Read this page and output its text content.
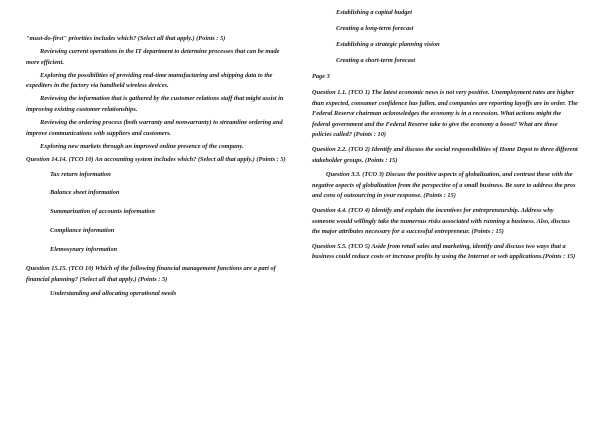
"must-do-first" priorities includes which? (Select all that apply.) (Points : 5)

Reviewing current operations in the IT department to determine processes that can be made more efficient.

Exploring the possibilities of providing real-time manufacturing and shipping data to the expediters in the factory via handheld wireless devices.

Reviewing the information that is gathered by the customer relations staff that might assist in improving existing customer relationships.

Reviewing the ordering process (both warranty and nonwarranty) to streamline ordering and improve communications with suppliers and customers.

Exploring new markets through an improved online presence of the company.

Question 14.14. (TCO 10) An accounting system includes which? (Select all that apply.) (Points : 5)

Tax return information

Balance sheet information

Summarization of accounts information

Compliance information

Elemosynary information

Question 15.15. (TCO 10) Which of the following financial management functions are a part of financial planning? (Select all that apply.) (Points : 5)

Understanding and allocating operational needs

Establishing a capital budget

Creating a long-term forecast

Establishing a strategic planning vision

Creating a short-term forecast

Page 3

Question 1.1. (TCO 1) The latest economic news is not very positive. Unemployment rates are higher than expected, consumer confidence has fallen, and companies are reporting layoffs are in order. The Federal Reserve chairman acknowledges the economy is in a recession. What actions might the federal government and the Federal Reserve take to give the economy a boost? What are these policies called? (Points : 10)

Question 2.2. (TCO 2) Identify and discuss the social responsibilities of Home Depot to three different stakeholder groups. (Points : 15)

Question 3.3. (TCO 3) Discuss the positive aspects of globalization, and contrast these with the negative aspects of globalization from the perspective of a small business. Be sure to address the pros and cons of outsourcing in your response. (Points : 15)

Question 4.4. (TCO 4) Identify and explain the incentives for entrepreneurship. Address why someone would willingly take the numerous risks associated with running a business. Also, discuss the major attributes necessary for a successful entrepreneur. (Points : 15)

Question 5.5. (TCO 5) Aside from retail sales and marketing, identify and discuss two ways that a business could reduce costs or increase profits by using the Internet or web applications.(Points : 15)
